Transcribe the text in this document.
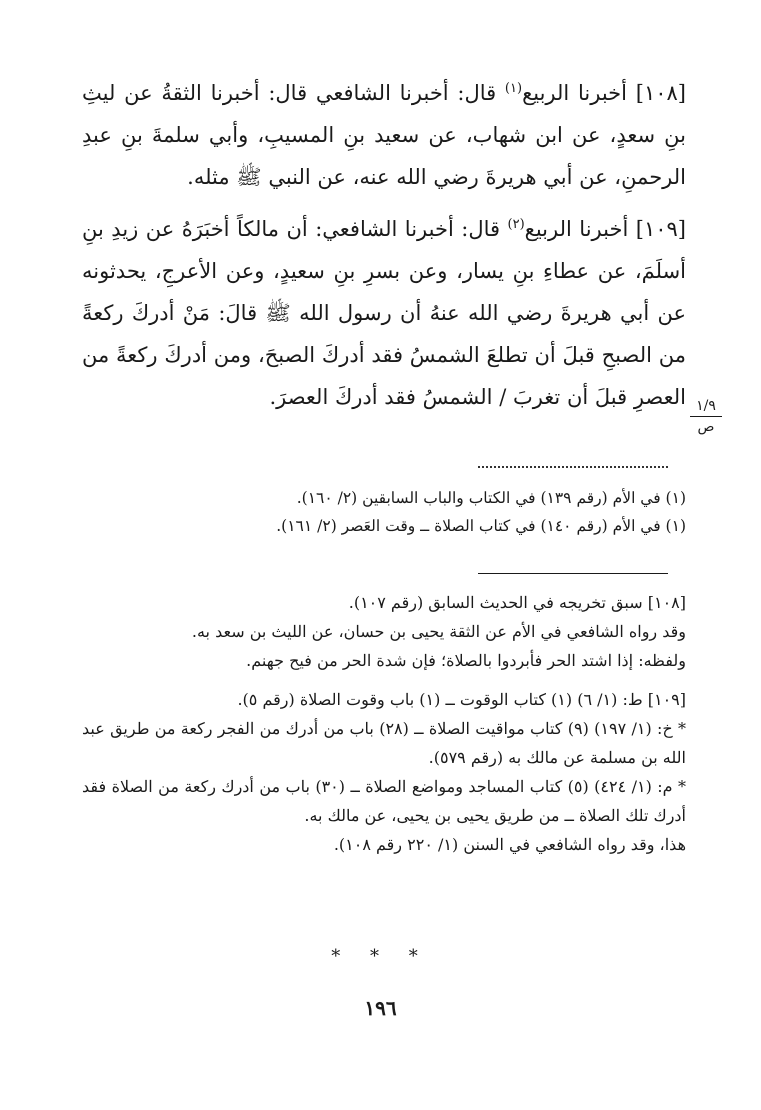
[١٠٨] أخبرنا الربيع$^{(١)}$ قال: أخبرنا الشافعي قال: أخبرنا الثقةُ عن ليثِ بنِ سعدٍ، عن ابن شهاب، عن سعيد بنِ المسيبِ، وأبي سلمةَ بنِ عبدِ الرحمنِ، عن أبي هريرةَ رضي الله عنه، عن النبي ﷺ مثله.

[١٠٩] أخبرنا الربيع$^{(٢)}$ قال: أخبرنا الشافعي: أن مالكاً أخبَرَهُ عن زيدِ بنِ أسلَمَ، عن عطاءِ بنِ يسار، وعن بسرِ بنِ سعيدٍ، وعن الأعرجِ، يحدثونه عن أبي هريرةَ رضي الله عنهُ أن رسول الله ﷺ قالَ: مَنْ أدركَ ركعةً من الصبحِ قبلَ أن تطلعَ الشمسُ فقد أدركَ الصبحَ، ومن أدركَ ركعةً من العصرِ قبلَ أن تغربَ / الشمسُ فقد أدركَ العصرَ. ١/٩
ص

(١) في الأم (رقم ١٣٩) في الكتاب والباب السابقين (٢/ ١٦٠).

(١) في الأم (رقم ١٤٠) في كتاب الصلاة ــ وقت العَصر (٢/ ١٦١).

[١٠٨] سبق تخريجه في الحديث السابق (رقم ١٠٧).

وقد رواه الشافعي في الأم عن الثقة يحيى بن حسان، عن الليث بن سعد به.

ولفظه: إذا اشتد الحر فأبردوا بالصلاة؛ فإن شدة الحر من فيح جهنم.

[١٠٩] ط: (١/ ٦) (١) كتاب الوقوت ــ (١) باب وقوت الصلاة (رقم ٥).

* خ: (١/ ١٩٧) (٩) كتاب مواقيت الصلاة ــ (٢٨) باب من أدرك من الفجر ركعة من طريق عبد الله بن مسلمة عن مالك به (رقم ٥٧٩).

* م: (١/ ٤٢٤) (٥) كتاب المساجد ومواضع الصلاة ــ (٣٠) باب من أدرك ركعة من الصلاة فقد أدرك تلك الصلاة ــ من طريق يحيى بن يحيى، عن مالك به.

هذا، وقد رواه الشافعي في السنن (١/ ٢٢٠ رقم ١٠٨).

* * *
١٩٦
